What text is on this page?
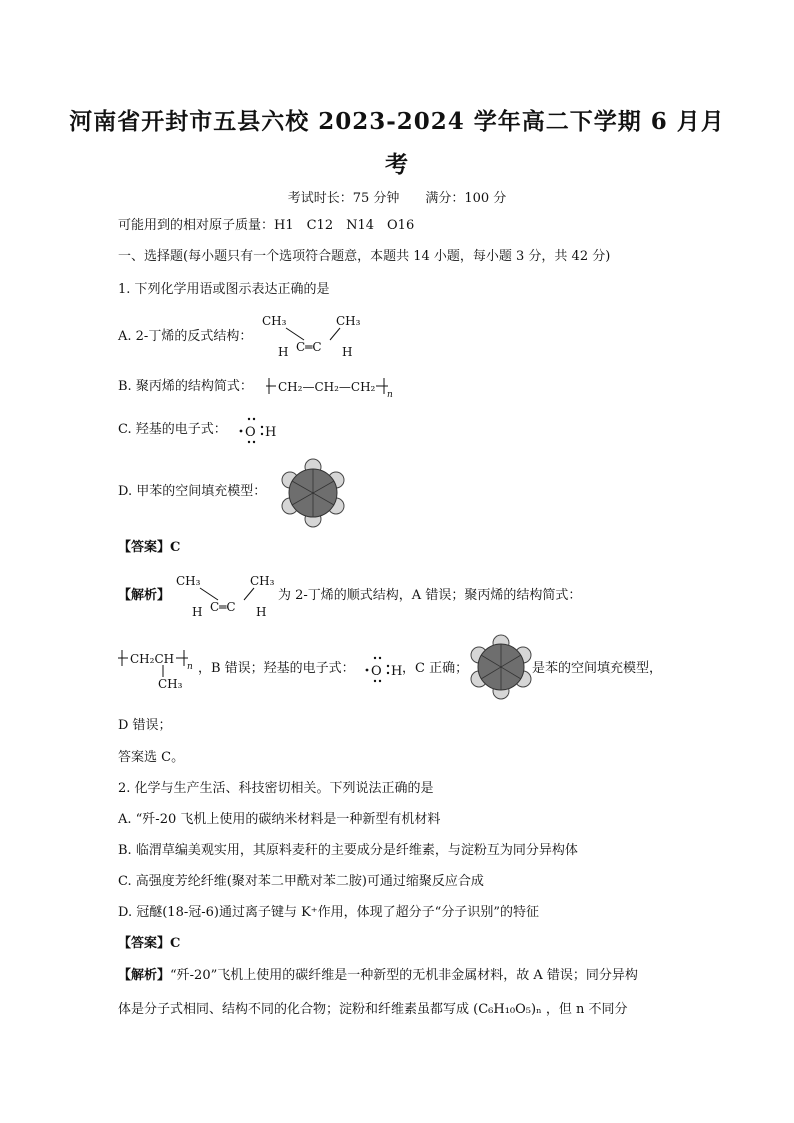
河南省开封市五县六校 2023-2024 学年高二下学期 6 月月
考
考试时长：75 分钟　　满分：100 分
可能用到的相对原子质量：H1　C12　N14　O16
一、选择题(每小题只有一个选项符合题意，本题共 14 小题，每小题 3 分，共 42 分)
1. 下列化学用语或图示表达正确的是
A. 2-丁烯的反式结构：
CH₃	CH₃
C═C
H	H
B. 聚丙烯的结构简式： CH₂—CH₂—CH₂
n
C. 羟基的电子式： O H
D. 甲苯的空间填充模型：
【答案】C
【解析】
CH₃	CH₃
C═C
H	H
为 2-丁烯的顺式结构，A 错误；聚丙烯的结构简式：
CH₂CH
n
CH₃
，B 错误；羟基的电子式： O H ，C 正确；	是苯的空间填充模型，
D 错误；
答案选 C。
2. 化学与生产生活、科技密切相关。下列说法正确的是
A. “歼-20 飞机上使用的碳纳米材料是一种新型有机材料
B. 临渭草编美观实用，其原料麦秆的主要成分是纤维素，与淀粉互为同分异构体
C. 高强度芳纶纤维(聚对苯二甲酰对苯二胺)可通过缩聚反应合成
D. 冠醚(18-冠-6)通过离子键与 K⁺作用，体现了超分子“分子识别”的特征
【答案】C
【解析】“歼-20”飞机上使用的碳纤维是一种新型的无机非金属材料，故 A 错误；同分异构
体是分子式相同、结构不同的化合物；淀粉和纤维素虽都写成 (C₆H₁₀O₅)ₙ ，但 n 不同分
